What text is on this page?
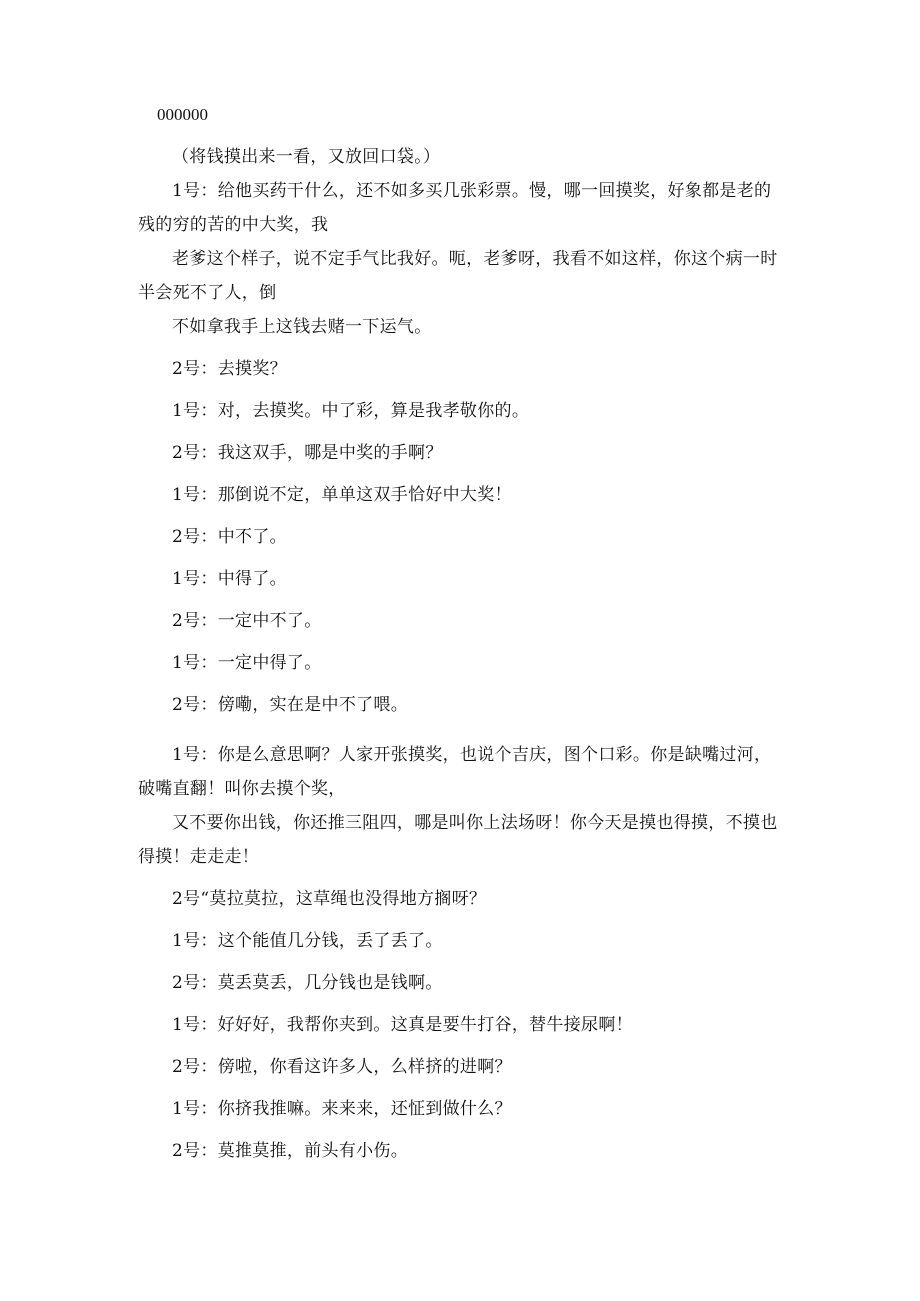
000000

（将钱摸出来一看，又放回口袋。）

1号：给他买药干什么，还不如多买几张彩票。慢，哪一回摸奖，好象都是老的残的穷的苦的中大奖，我

老爹这个样子，说不定手气比我好。呃，老爹呀，我看不如这样，你这个病一时半会死不了人，倒

不如拿我手上这钱去赌一下运气。

2号：去摸奖？

1号：对，去摸奖。中了彩，算是我孝敬你的。

2号：我这双手，哪是中奖的手啊？

1号：那倒说不定，单单这双手恰好中大奖！

2号：中不了。

1号：中得了。

2号：一定中不了。

1号：一定中得了。

2号：傍嘞，实在是中不了喂。

1号：你是么意思啊？人家开张摸奖，也说个吉庆，图个口彩。你是缺嘴过河，破嘴直翻！叫你去摸个奖，

又不要你出钱，你还推三阻四，哪是叫你上法场呀！你今天是摸也得摸，不摸也得摸！走走走！

2号“莫拉莫拉，这草绳也没得地方搁呀？

1号：这个能值几分钱，丢了丢了。

2号：莫丢莫丢，几分钱也是钱啊。

1号：好好好，我帮你夹到。这真是要牛打谷，替牛接尿啊！

2号：傍啦，你看这许多人，么样挤的进啊？

1号：你挤我推嘛。来来来，还怔到做什么？

2号：莫推莫推，前头有小伤。
